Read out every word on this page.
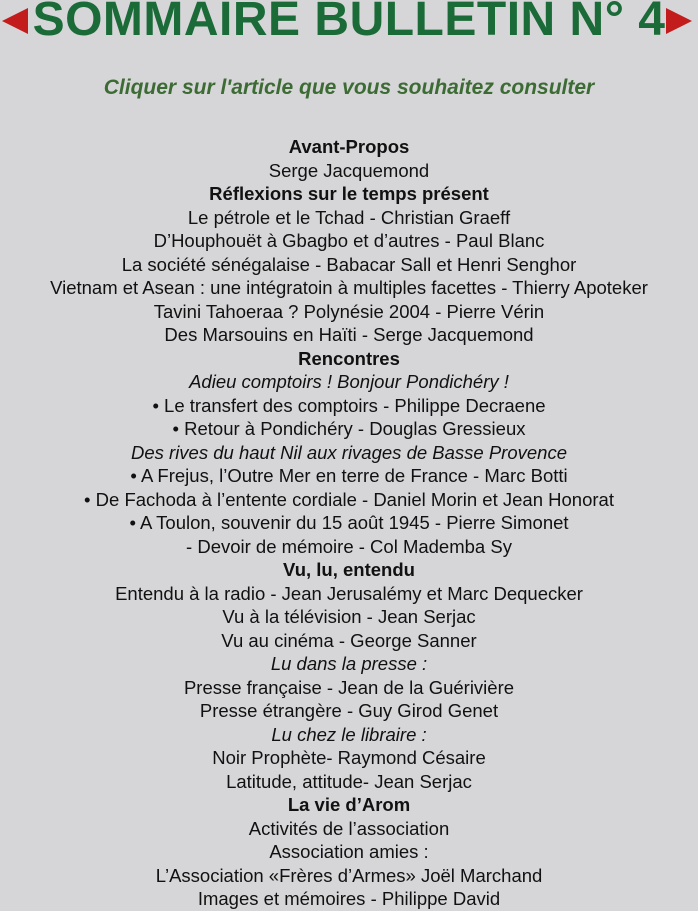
SOMMAIRE BULLETIN N° 4

Cliquer sur l'article que vous souhaitez consulter

Avant-Propos
Serge Jacquemond
Réflexions sur le temps présent
Le pétrole et le Tchad - Christian Graeff
D’Houphouët à Gbagbo et d’autres - Paul Blanc
La société sénégalaise - Babacar Sall et Henri Senghor
Vietnam et Asean : une intégratoin à multiples facettes - Thierry Apoteker
Tavini Tahoeraa ? Polynésie 2004 - Pierre Vérin
Des Marsouins en Haïti - Serge Jacquemond
Rencontres
Adieu comptoirs ! Bonjour Pondichéry !
• Le transfert des comptoirs - Philippe Decraene
• Retour à Pondichéry - Douglas Gressieux
Des rives du haut Nil aux rivages de Basse Provence
• A Frejus, l’Outre Mer en terre de France - Marc Botti
• De Fachoda à l’entente cordiale - Daniel Morin et Jean Honorat
• A Toulon, souvenir du 15 août 1945 - Pierre Simonet
- Devoir de mémoire - Col Mademba Sy
Vu, lu, entendu
Entendu à la radio - Jean Jerusalémy et Marc Dequecker
Vu à la télévision - Jean Serjac
Vu au cinéma - George Sanner
Lu dans la presse :
Presse française - Jean de la Guérivière
Presse étrangère - Guy Girod Genet
Lu chez le libraire :
Noir Prophète- Raymond Césaire
Latitude, attitude- Jean Serjac
La vie d’Arom
Activités de l’association
Association amies :
L’Association «Frères d’Armes» Joël Marchand
Images et mémoires - Philippe David
